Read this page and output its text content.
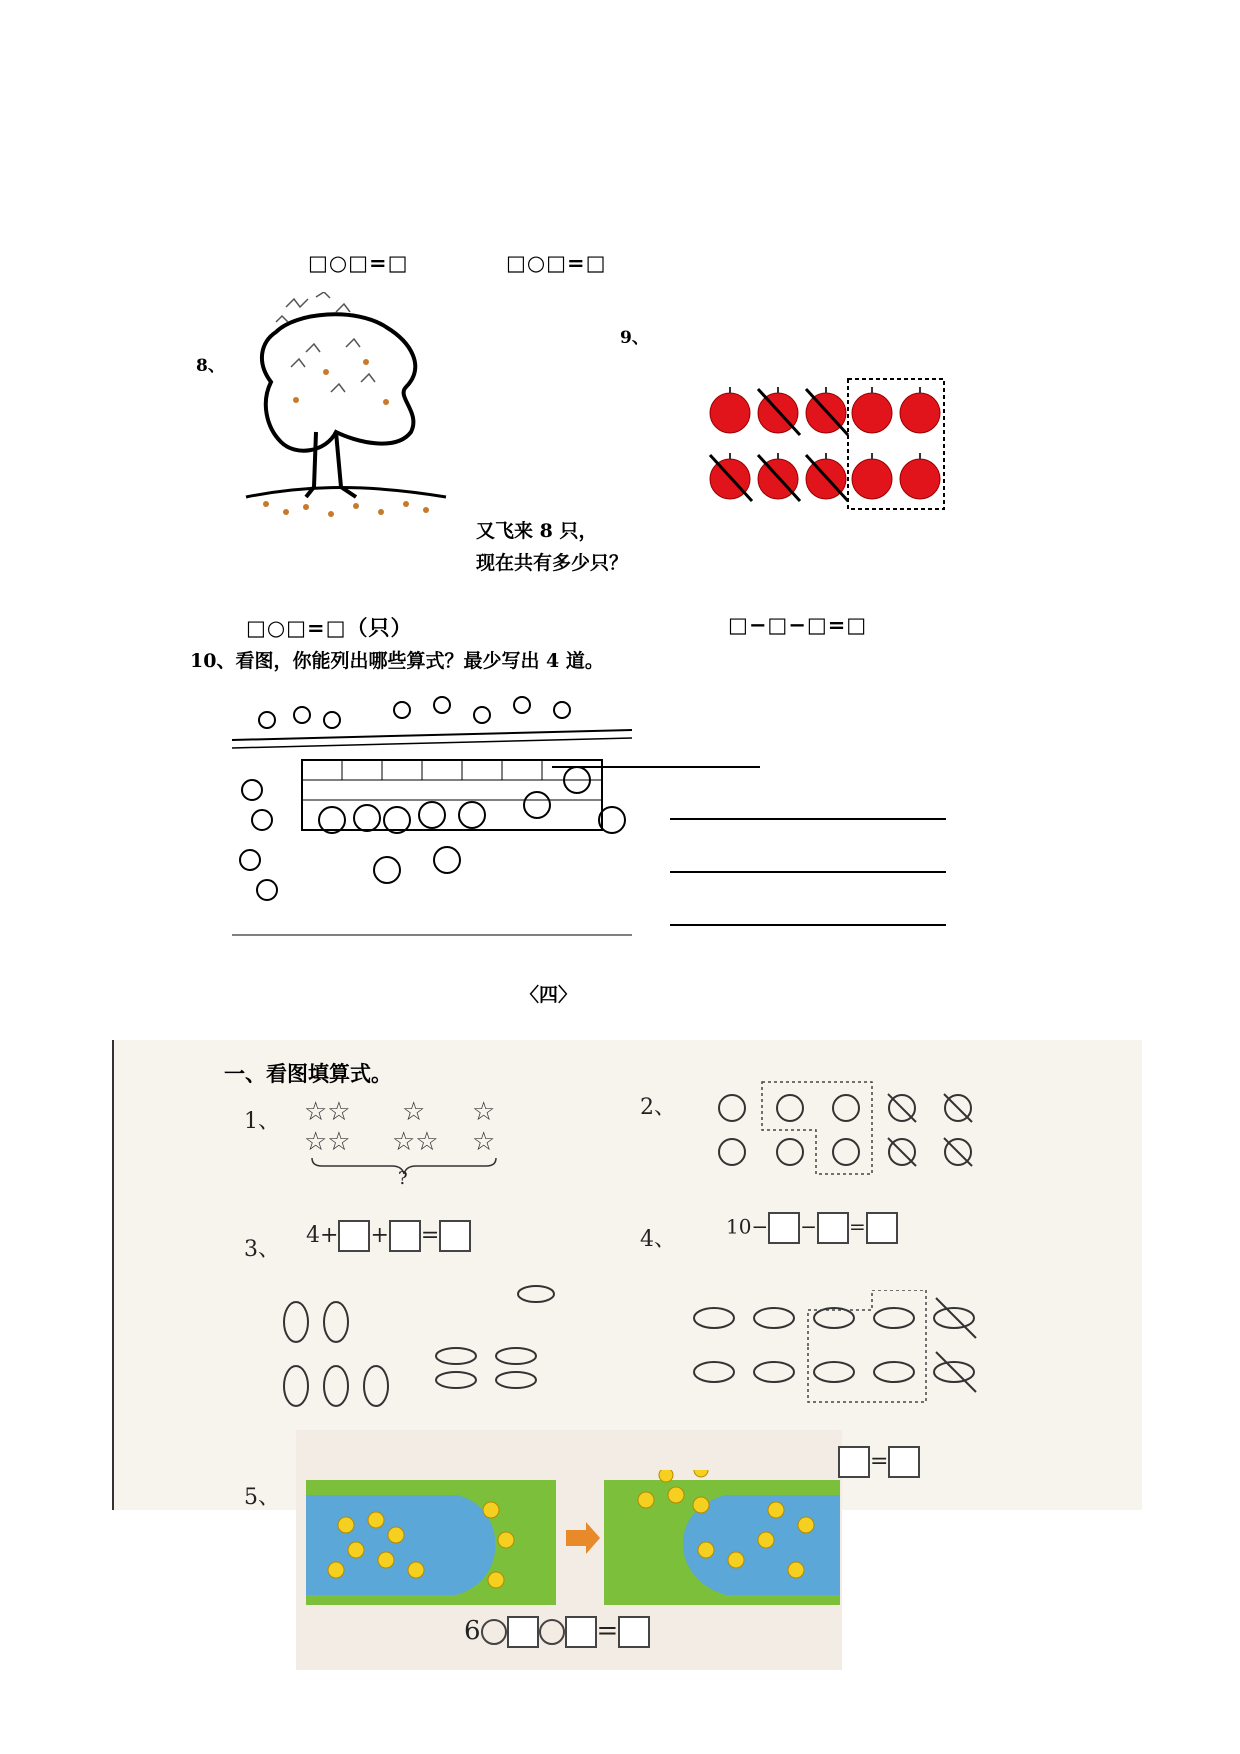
□○□=□	□○□=□
8、
又飞来 8 只，
现在共有多少只？
□○□=□（只）
9、
□−□−□=□
10、看图，你能列出哪些算式？最少写出 4 道。
〈四〉
一、看图填算式。
1、 ☆☆ ☆ ☆
☆☆ ☆☆ ☆
?
2、
3、
4+ + =	4、
10− − =
5、
=
6	=
